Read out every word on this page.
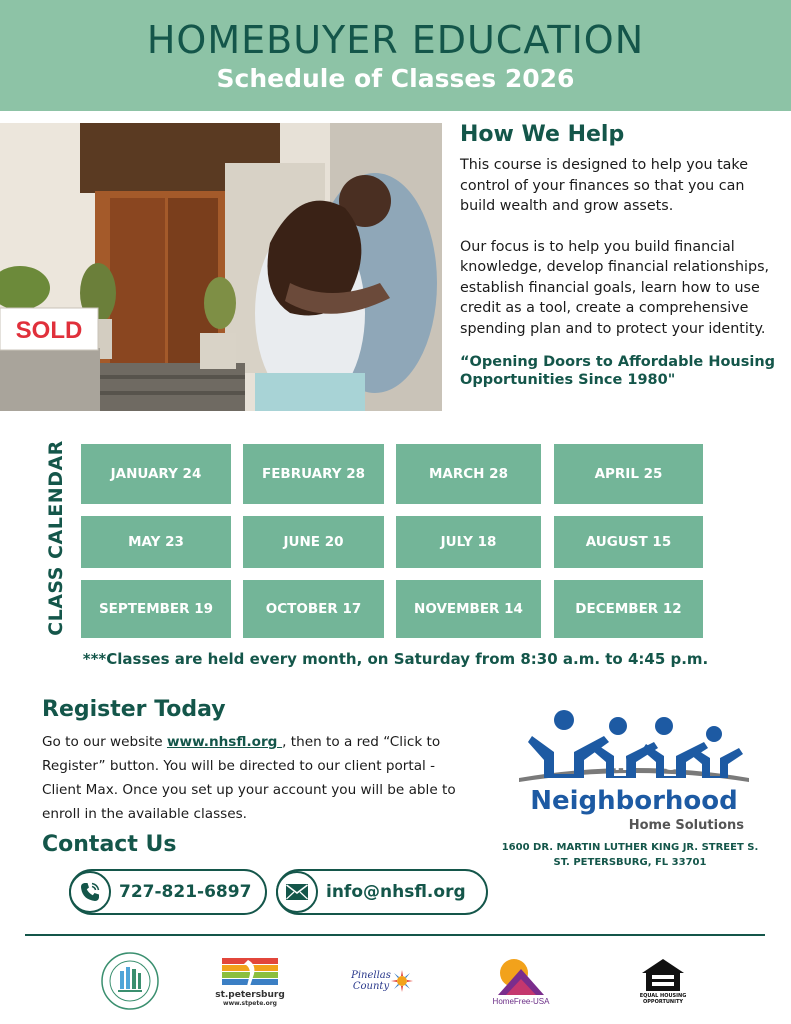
HOMEBUYER EDUCATION
Schedule of Classes 2026
SOLD
How We Help

This course is designed to help you take control of your finances so that you can build wealth and grow assets.

Our focus is to help you build financial knowledge, develop financial relationships, establish financial goals, learn how to use credit as a tool, create a comprehensive spending plan and to protect your identity.

“Opening Doors to Affordable Housing Opportunities Since 1980"

CLASS CALENDAR	JANUARY 24	FEBRUARY 28	MARCH 28	APRIL 25
MAY 23	JUNE 20	JULY 18	AUGUST 15
SEPTEMBER 19	OCTOBER 17	NOVEMBER 14	DECEMBER 12
***Classes are held every month, on Saturday from 8:30 a.m. to 4:45 p.m.
Register Today

Go to our website www.nhsfl.org , then to a red “Click to Register” button. You will be directed to our client portal - Client Max. Once you set up your account you will be able to enroll in the available classes.

Contact Us
727-821-6897	info@nhsfl.org
N	H S
Neighborhood
Home Solutions
1600 DR. MARTIN LUTHER KING JR. STREET S.
ST. PETERSBURG, FL 33701
st.petersburg
www.stpete.org
Pinellas
County
HomeFree-USA
EQUAL HOUSING
OPPORTUNITY
